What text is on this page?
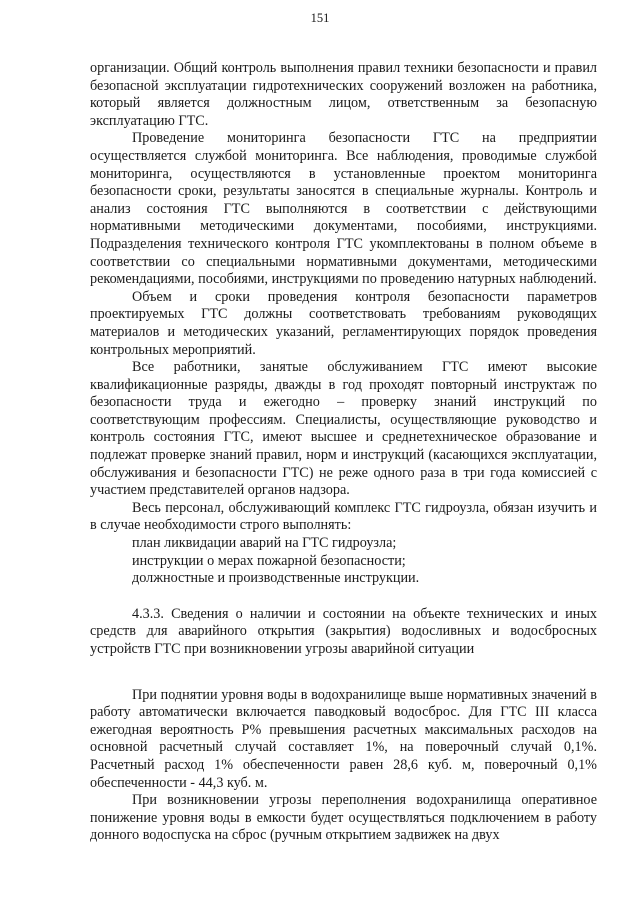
151

организации. Общий контроль выполнения правил техники безопасности и правил безопасной эксплуатации гидротехнических сооружений возложен на работника, который является должностным лицом, ответственным за безопасную эксплуатацию ГТС.

Проведение мониторинга безопасности ГТС на предприятии осуществляется службой мониторинга. Все наблюдения, проводимые службой мониторинга, осуществляются в установленные проектом мониторинга безопасности сроки, результаты заносятся в специальные журналы. Контроль и анализ состояния ГТС выполняются в соответствии с действующими нормативными методическими документами, пособиями, инструкциями. Подразделения технического контроля ГТС укомплектованы в полном объеме в соответствии со специальными нормативными документами, методическими рекомендациями, пособиями, инструкциями по проведению натурных наблюдений.

Объем и сроки проведения контроля безопасности параметров проектируемых ГТС должны соответствовать требованиям руководящих материалов и методических указаний, регламентирующих порядок проведения контрольных мероприятий.

Все работники, занятые обслуживанием ГТС имеют высокие квалификационные разряды, дважды в год проходят повторный инструктаж по безопасности труда и ежегодно – проверку знаний инструкций по соответствующим профессиям. Специалисты, осуществляющие руководство и контроль состояния ГТС, имеют высшее и среднетехническое образование и подлежат проверке знаний правил, норм и инструкций (касающихся эксплуатации, обслуживания и безопасности ГТС) не реже одного раза в три года комиссией с участием представителей органов надзора.

Весь персонал, обслуживающий комплекс ГТС гидроузла, обязан изучить и в случае необходимости строго выполнять:

план ликвидации аварий на ГТС гидроузла;

инструкции о мерах пожарной безопасности;

должностные и производственные инструкции.

4.3.3. Сведения о наличии и состоянии на объекте технических и иных средств для аварийного открытия (закрытия) водосливных и водосбросных устройств ГТС при возникновении угрозы аварийной ситуации

При поднятии уровня воды в водохранилище выше нормативных значений в работу автоматически включается паводковый водосброс. Для ГТС III класса ежегодная вероятность Р% превышения расчетных максимальных расходов на основной расчетный случай составляет 1%, на поверочный случай 0,1%. Расчетный расход 1% обеспеченности равен 28,6 куб. м, поверочный 0,1% обеспеченности - 44,3 куб. м.

При возникновении угрозы переполнения водохранилища оперативное понижение уровня воды в емкости будет осуществляться подключением в работу донного водоспуска на сброс (ручным открытием задвижек на двух
